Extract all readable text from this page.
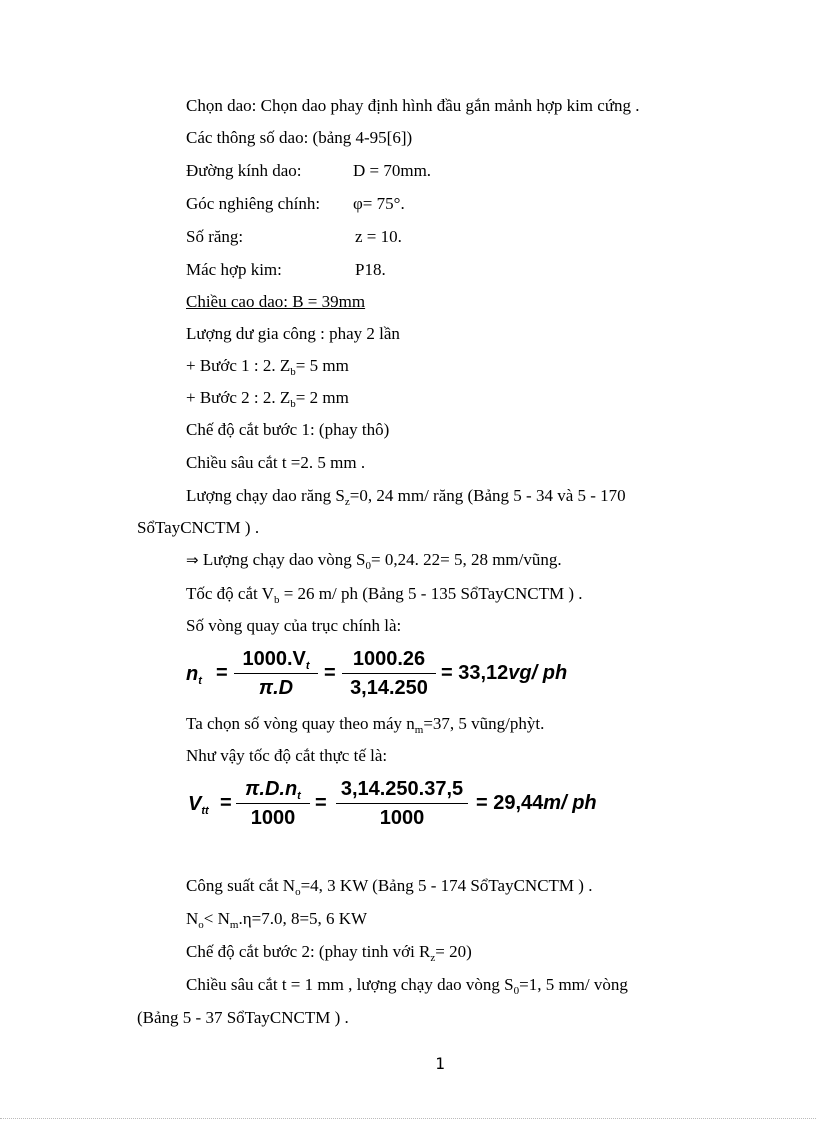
Chọn dao: Chọn dao phay định hình đầu gắn mảnh hợp kim cứng .
Các thông số dao: (bảng 4-95[6])
Đường kính dao:	D = 70mm.
Góc nghiêng chính: φ= 75°.
Số răng:	z = 10.
Mác hợp kim:	P18.
Chiều cao dao: B = 39mm
Lượng dư gia công : phay 2 lần
+ Bước 1 : 2. $Z_b= 5$ mm
+ Bước 2 : 2. $Z_b= 2$ mm
Chế độ cắt bước 1: (phay thô)
Chiều sâu cắt t =2. 5 mm .
Lượng chạy dao răng $S_z=0$, 24 mm/ răng (Bảng 5 - 34 và 5 - 170
SổTayCNCTM ) .
⇒ Lượng chạy dao vòng $S_0= 0,24$. 22= 5, 28 mm/vũng.
Tốc độ cắt $V_b = 26$ m/ ph (Bảng 5 - 135 SổTayCNCTM ) .
Số vòng quay của trục chính là:
$n_t$ =
$1000.V_t$
π.D
=
1000.26
3,14.250
= 33,12vg/ ph
Ta chọn số vòng quay theo máy $n_m=37$, 5 vũng/phỳt.
Như vậy tốc độ cắt thực tế là:
$V_{tt}$ =
$\pi.D.n_t$
1000
=
3,14.250.37,5
1000
= 29,44m/ ph
Công suất cắt $N_o=4$, 3 KW (Bảng 5 - 174 SổTayCNCTM ) .
$N_o< N_m.\eta=7.0$, 8=5, 6 KW
Chế độ cắt bước 2: (phay tinh với $R_z= 20$)
Chiều sâu cắt t = 1 mm , lượng chạy dao vòng $S_0=1$, 5 mm/ vòng
(Bảng 5 - 37 SổTayCNCTM ) .
1
